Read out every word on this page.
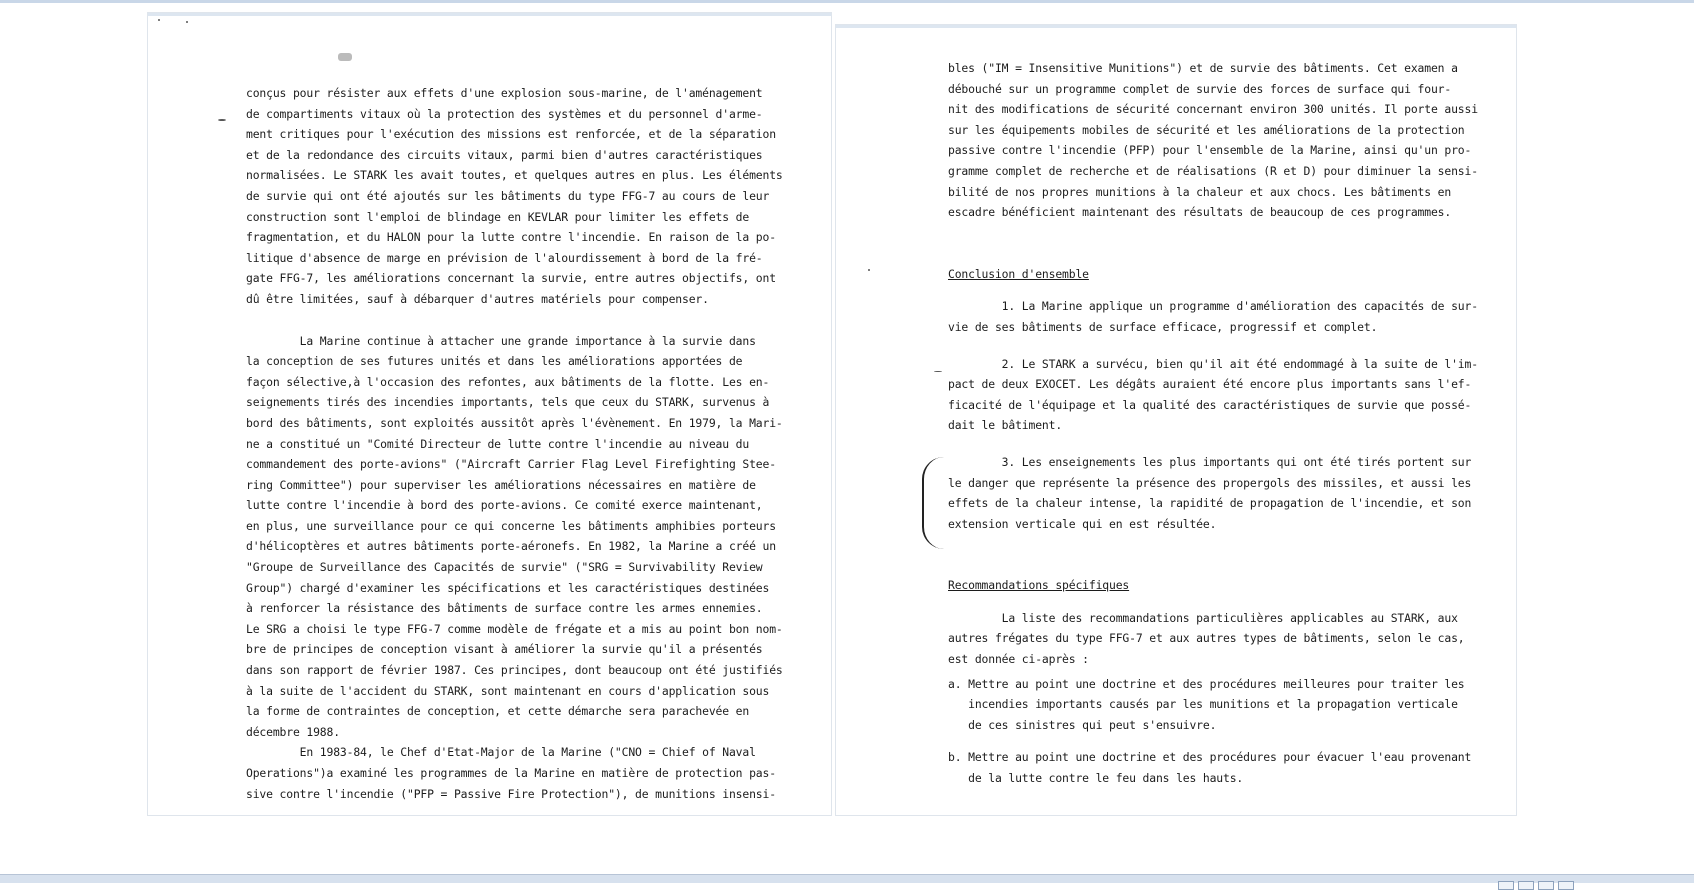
conçus pour résister aux effets d'une explosion sous-marine, de l'aménagement
de compartiments vitaux où la protection des systèmes et du personnel d'arme-
ment critiques pour l'exécution des missions est renforcée, et de la séparation
et de la redondance des circuits vitaux, parmi bien d'autres caractéristiques
normalisées. Le STARK les avait toutes, et quelques autres en plus. Les éléments
de survie qui ont été ajoutés sur les bâtiments du type FFG-7 au cours de leur
construction sont l'emploi de blindage en KEVLAR pour limiter les effets de
fragmentation, et du HALON pour la lutte contre l'incendie. En raison de la po-
litique d'absence de marge en prévision de l'alourdissement à bord de la fré-
gate FFG-7, les améliorations concernant la survie, entre autres objectifs, ont
dû être limitées, sauf à débarquer d'autres matériels pour compenser.
La Marine continue à attacher une grande importance à la survie dans
la conception de ses futures unités et dans les améliorations apportées de
façon sélective,à l'occasion des refontes, aux bâtiments de la flotte. Les en-
seignements tirés des incendies importants, tels que ceux du STARK, survenus à
bord des bâtiments, sont exploités aussitôt après l'évènement. En 1979, la Mari-
ne a constitué un "Comité Directeur de lutte contre l'incendie au niveau du
commandement des porte-avions" ("Aircraft Carrier Flag Level Firefighting Stee-
ring Committee") pour superviser les améliorations nécessaires en matière de
lutte contre l'incendie à bord des porte-avions. Ce comité exerce maintenant,
en plus, une surveillance pour ce qui concerne les bâtiments amphibies porteurs
d'hélicoptères et autres bâtiments porte-aéronefs. En 1982, la Marine a créé un
"Groupe de Surveillance des Capacités de survie" ("SRG = Survivability Review
Group") chargé d'examiner les spécifications et les caractéristiques destinées
à renforcer la résistance des bâtiments de surface contre les armes ennemies.
Le SRG a choisi le type FFG-7 comme modèle de frégate et a mis au point bon nom-
bre de principes de conception visant à améliorer la survie qu'il a présentés
dans son rapport de février 1987. Ces principes, dont beaucoup ont été justifiés
à la suite de l'accident du STARK, sont maintenant en cours d'application sous
la forme de contraintes de conception, et cette démarche sera parachevée en
décembre 1988.
En 1983-84, le Chef d'Etat-Major de la Marine ("CNO = Chief of Naval
Operations")a examiné les programmes de la Marine en matière de protection pas-
sive contre l'incendie ("PFP = Passive Fire Protection"), de munitions insensi-
bles ("IM = Insensitive Munitions") et de survie des bâtiments. Cet examen a
débouché sur un programme complet de survie des forces de surface qui four-
nit des modifications de sécurité concernant environ 300 unités. Il porte aussi
sur les équipements mobiles de sécurité et les améliorations de la protection
passive contre l'incendie (PFP) pour l'ensemble de la Marine, ainsi qu'un pro-
gramme complet de recherche et de réalisations (R et D) pour diminuer la sensi-
bilité de nos propres munitions à la chaleur et aux chocs. Les bâtiments en
escadre bénéficient maintenant des résultats de beaucoup de ces programmes.
Conclusion d'ensemble
1. La Marine applique un programme d'amélioration des capacités de sur-
vie de ses bâtiments de surface efficace, progressif et complet.
2. Le STARK a survécu, bien qu'il ait été endommagé à la suite de l'im-
pact de deux EXOCET. Les dégâts auraient été encore plus importants sans l'ef-
ficacité de l'équipage et la qualité des caractéristiques de survie que possé-
dait le bâtiment.
3. Les enseignements les plus importants qui ont été tirés portent sur
le danger que représente la présence des propergols des missiles, et aussi les
effets de la chaleur intense, la rapidité de propagation de l'incendie, et son
extension verticale qui en est résultée.
Recommandations spécifiques
La liste des recommandations particulières applicables au STARK, aux
autres frégates du type FFG-7 et aux autres types de bâtiments, selon le cas,
est donnée ci-après :
a. Mettre au point une doctrine et des procédures meilleures pour traiter les
incendies importants causés par les munitions et la propagation verticale
de ces sinistres qui peut s'ensuivre.
b. Mettre au point une doctrine et des procédures pour évacuer l'eau provenant
de la lutte contre le feu dans les hauts.
